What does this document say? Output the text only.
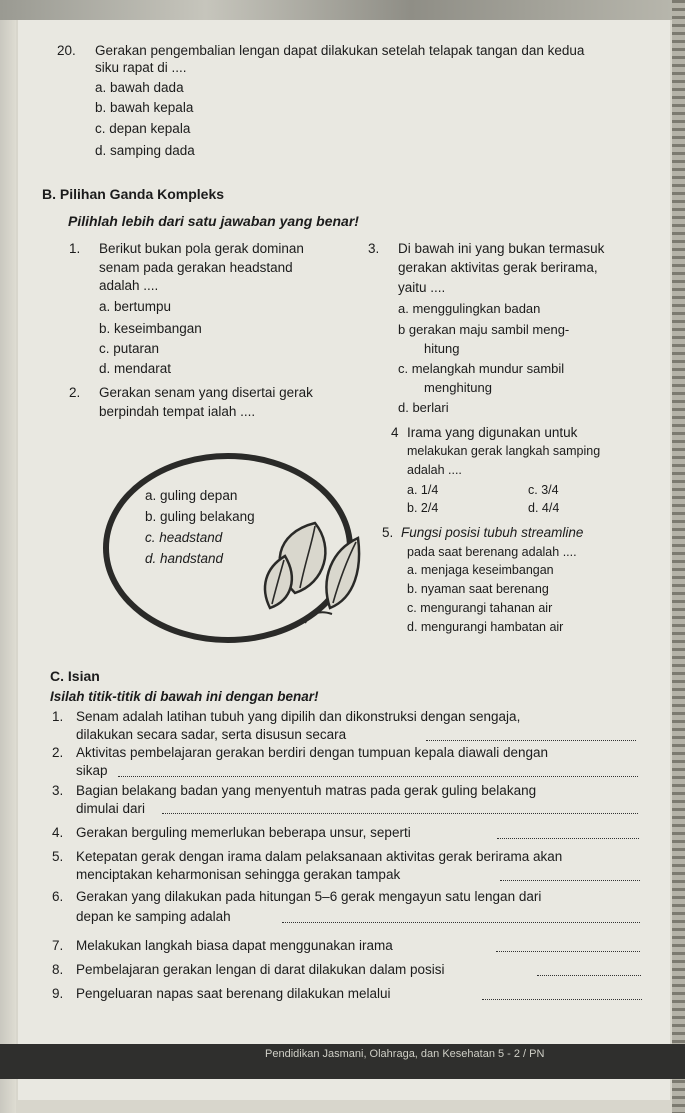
20. Gerakan pengembalian lengan dapat dilakukan setelah telapak tangan dan kedua
siku rapat di ....
a. bawah dada
b. bawah kepala
c. depan kepala
d. samping dada
B. Pilihan Ganda Kompleks
Pilihlah lebih dari satu jawaban yang benar!
1. Berikut bukan pola gerak dominan
senam pada gerakan headstand
adalah ....
a. bertumpu
b. keseimbangan
c. putaran
d. mendarat
2. Gerakan senam yang disertai gerak
berpindah tempat ialah ....
a. guling depan
b. guling belakang
c. headstand
d. handstand
3. Di bawah ini yang bukan termasuk
gerakan aktivitas gerak berirama,
yaitu ....
a. menggulingkan badan
b gerakan maju sambil meng-
hitung
c. melangkah mundur sambil
menghitung
d. berlari
4 Irama yang digunakan untuk
melakukan gerak langkah samping
adalah ....
a. 1/4	c. 3/4
b. 2/4	d. 4/4
5. Fungsi posisi tubuh streamline
pada saat berenang adalah ....
a. menjaga keseimbangan
b. nyaman saat berenang
c. mengurangi tahanan air
d. mengurangi hambatan air
C. Isian
Isilah titik-titik di bawah ini dengan benar!
1. Senam adalah latihan tubuh yang dipilih dan dikonstruksi dengan sengaja,
dilakukan secara sadar, serta disusun secara
2. Aktivitas pembelajaran gerakan berdiri dengan tumpuan kepala diawali dengan
sikap
3. Bagian belakang badan yang menyentuh matras pada gerak guling belakang
dimulai dari
4. Gerakan berguling memerlukan beberapa unsur, seperti
5. Ketepatan gerak dengan irama dalam pelaksanaan aktivitas gerak berirama akan
menciptakan keharmonisan sehingga gerakan tampak
6. Gerakan yang dilakukan pada hitungan 5–6 gerak mengayun satu lengan dari
depan ke samping adalah
7. Melakukan langkah biasa dapat menggunakan irama
8. Pembelajaran gerakan lengan di darat dilakukan dalam posisi
9. Pengeluaran napas saat berenang dilakukan melalui
Pendidikan Jasmani, Olahraga, dan Kesehatan 5 - 2 / PN
